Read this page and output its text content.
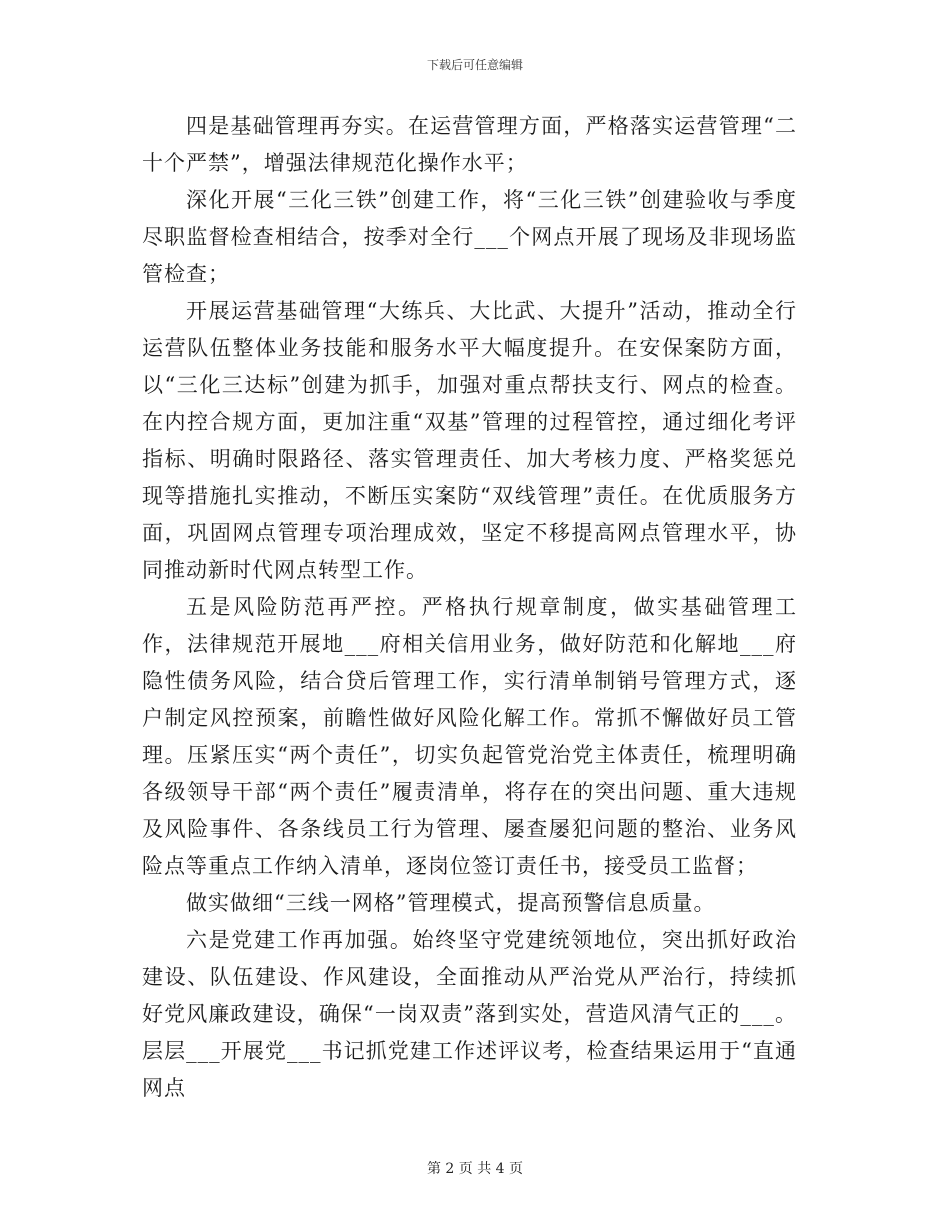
下载后可任意编辑

四是基础管理再夯实。在运营管理方面，严格落实运营管理“二十个严禁”，增强法律规范化操作水平；

深化开展“三化三铁”创建工作，将“三化三铁”创建验收与季度尽职监督检查相结合，按季对全行___个网点开展了现场及非现场监管检查；

开展运营基础管理“大练兵、大比武、大提升”活动，推动全行运营队伍整体业务技能和服务水平大幅度提升。在安保案防方面，以“三化三达标”创建为抓手，加强对重点帮扶支行、网点的检查。在内控合规方面，更加注重“双基”管理的过程管控，通过细化考评指标、明确时限路径、落实管理责任、加大考核力度、严格奖惩兑现等措施扎实推动，不断压实案防“双线管理”责任。在优质服务方面，巩固网点管理专项治理成效，坚定不移提高网点管理水平，协同推动新时代网点转型工作。

五是风险防范再严控。严格执行规章制度，做实基础管理工作，法律规范开展地___府相关信用业务，做好防范和化解地___府隐性债务风险，结合贷后管理工作，实行清单制销号管理方式，逐户制定风控预案，前瞻性做好风险化解工作。常抓不懈做好员工管理。压紧压实“两个责任”，切实负起管党治党主体责任，梳理明确各级领导干部“两个责任”履责清单，将存在的突出问题、重大违规及风险事件、各条线员工行为管理、屡查屡犯问题的整治、业务风险点等重点工作纳入清单，逐岗位签订责任书，接受员工监督；

做实做细“三线一网格”管理模式，提高预警信息质量。

六是党建工作再加强。始终坚守党建统领地位，突出抓好政治建设、队伍建设、作风建设，全面推动从严治党从严治行，持续抓好党风廉政建设，确保“一岗双责”落到实处，营造风清气正的___。层层___开展党___书记抓党建工作述评议考，检查结果运用于“直通网点

第 2 页 共 4 页
